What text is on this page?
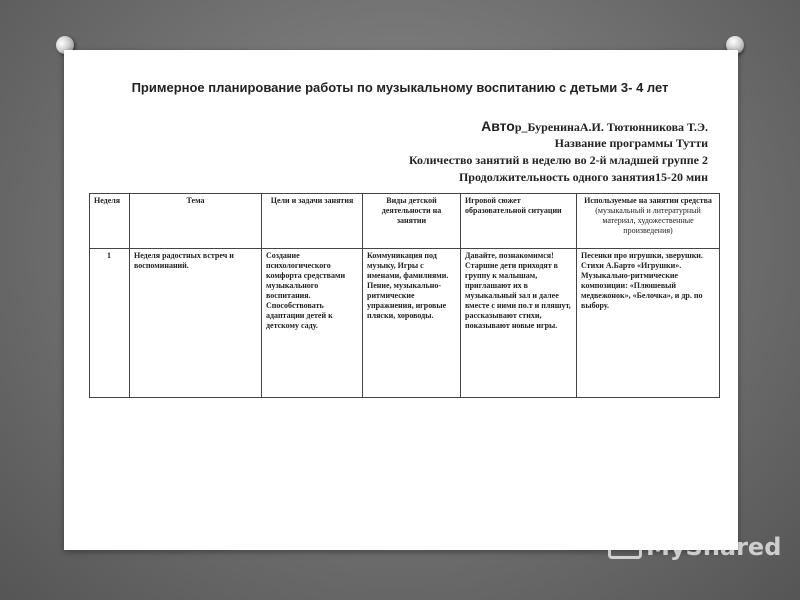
Примерное планирование работы по музыкальному воспитанию с детьми 3- 4 лет
Автор_БуренинаА.И. Тютюнникова Т.Э.
Название программы Тутти
Количество занятий в неделю во 2-й младшей группе 2
Продолжительность одного занятия15-20 мин
Неделя	Тема	Цели и задачи занятия	Виды детской деятельности на занятии	Игровой сюжет образовательной ситуации	Используемые на занятии средства (музыкальный и литературный материал, художественные произведения)
1	Неделя радостных встреч и воспоминаний.	Создание психологического комфорта средствами музыкального воспитания. Способствовать адаптации детей к детскому саду.	Коммуникация под музыку, Игры с именами, фамилиями. Пение, музыкально-ритмические упражнения, игровые пляски, хороводы.	Давайте, познакомимся! Старшие дети приходят в группу к малышам, приглашают их в музыкальный зал и далее вместе с ними по.т и пляшут, рассказывают стихи, показывают новые игры.	Песенки про игрушки, зверушки. Стихи А.Барто «Игрушки». Музыкально-ритмические композиции: «Плюшевый медвежонок», «Белочка», и др. по выбору.
MyShared
